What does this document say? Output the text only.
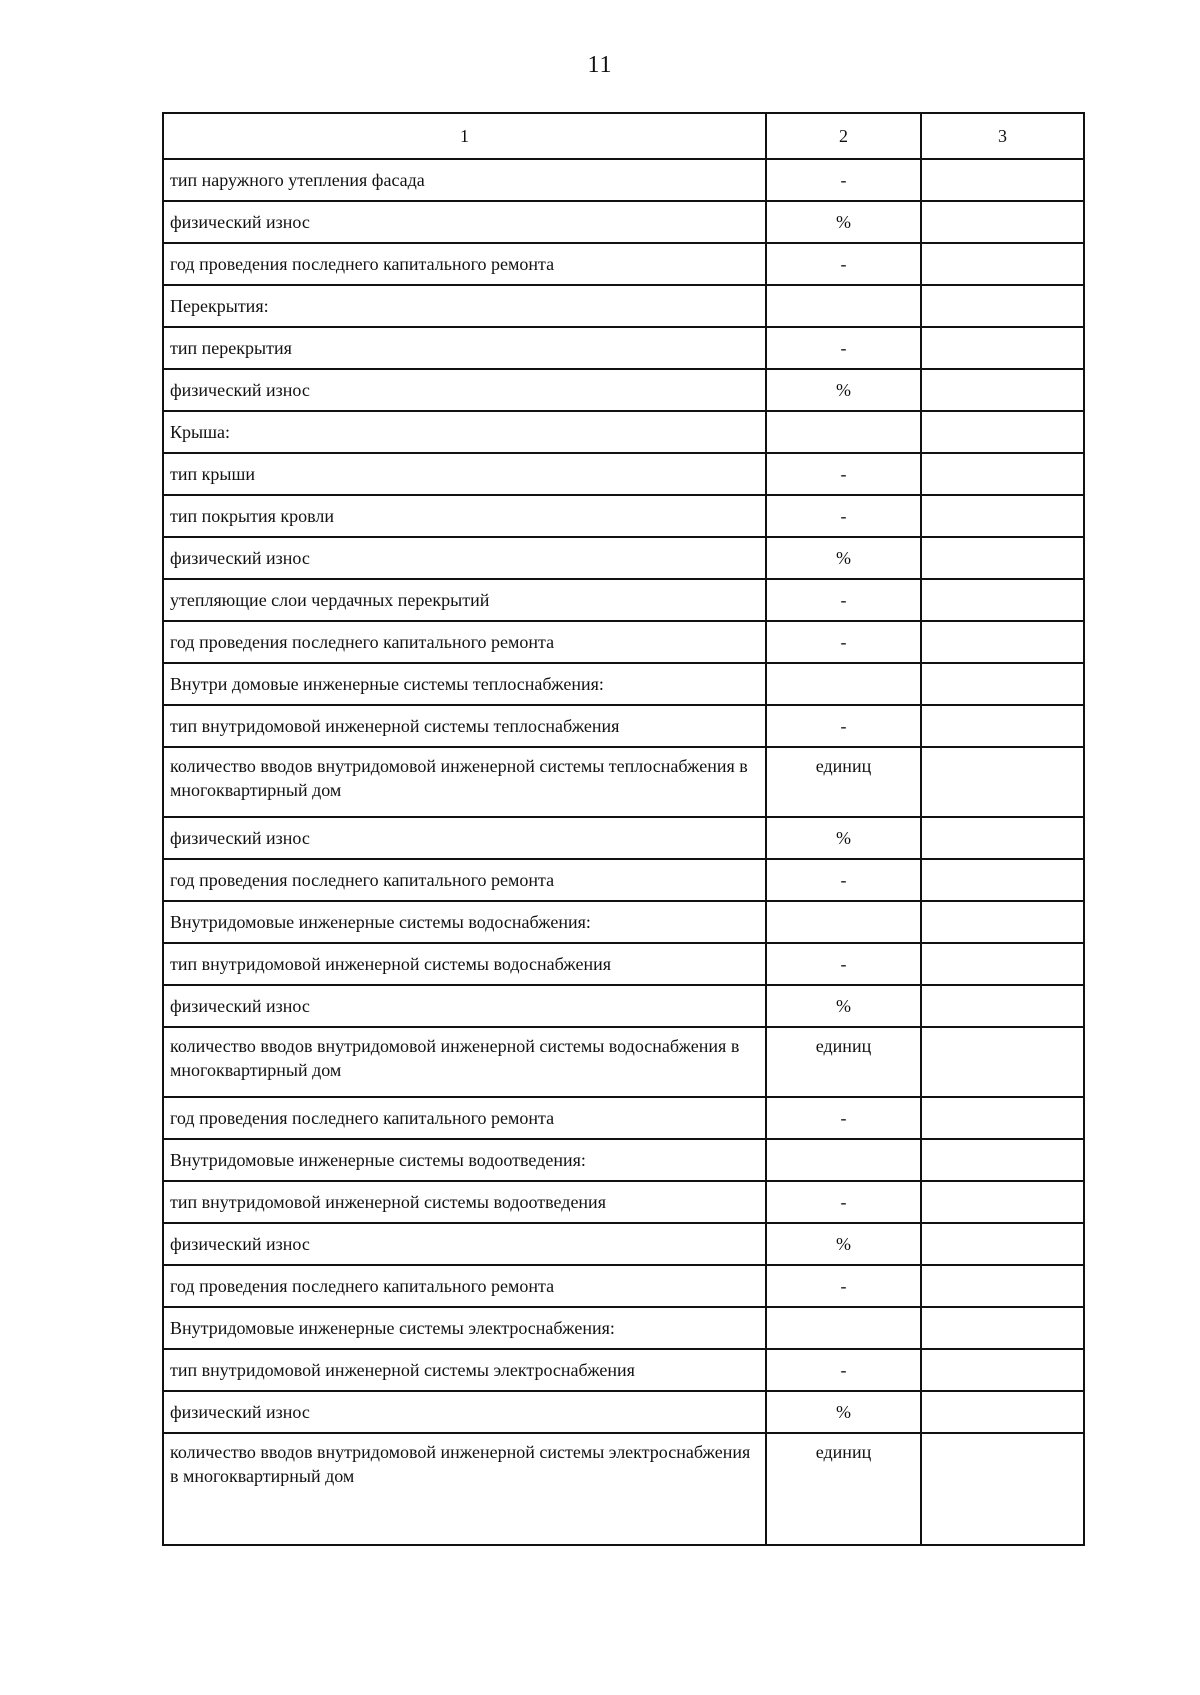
11
1	2	3
тип наружного утепления фасада	-	
физический износ	%	
год проведения последнего капитального ремонта	-	
Перекрытия:		
тип перекрытия	-	
физический износ	%	
Крыша:		
тип крыши	-	
тип покрытия кровли	-	
физический износ	%	
утепляющие слои чердачных перекрытий	-	
год проведения последнего капитального ремонта	-	
Внутри домовые инженерные системы теплоснабжения:		
тип внутридомовой инженерной системы теплоснабжения	-	
количество вводов внутридомовой инженерной системы теплоснабжения в многоквартирный дом	единиц	
физический износ	%	
год проведения последнего капитального ремонта	-	
Внутридомовые инженерные системы водоснабжения:		
тип внутридомовой инженерной системы водоснабжения	-	
физический износ	%	
количество вводов внутридомовой инженерной системы водоснабжения в многоквартирный дом	единиц	
год проведения последнего капитального ремонта	-	
Внутридомовые инженерные системы водоотведения:		
тип внутридомовой инженерной системы водоотведения	-	
физический износ	%	
год проведения последнего капитального ремонта	-	
Внутридомовые инженерные системы электроснабжения:		
тип внутридомовой инженерной системы электроснабжения	-	
физический износ	%	
количество вводов внутридомовой инженерной системы электроснабжения в многоквартирный дом	единиц	
